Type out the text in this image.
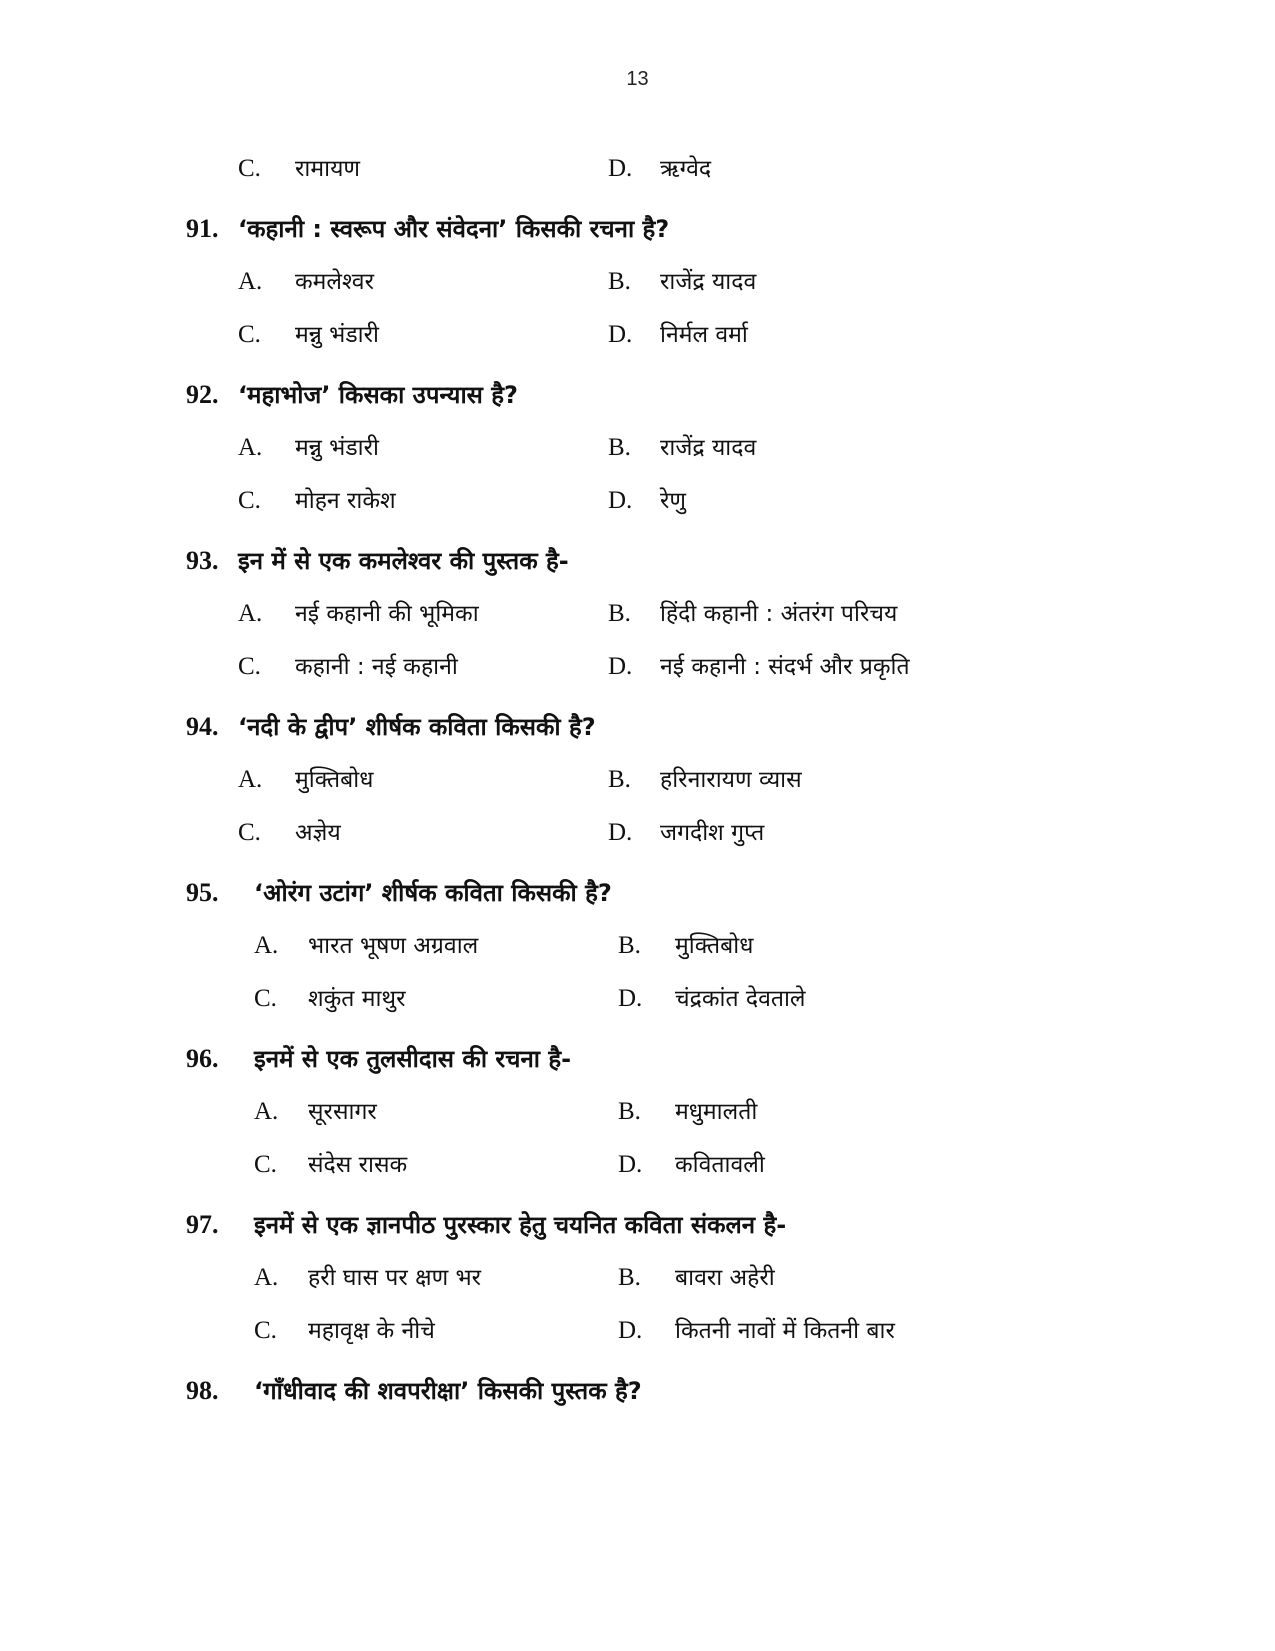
13
C. रामायण	D. ऋग्वेद
91. ‘कहानी : स्वरूप और संवेदना’ किसकी रचना है?
A. कमलेश्वर	B. राजेंद्र यादव
C. मन्नु भंडारी	D. निर्मल वर्मा
92. ‘महाभोज’ किसका उपन्यास है?
A. मन्नु भंडारी	B. राजेंद्र यादव
C. मोहन राकेश	D. रेणु
93. इन में से एक कमलेश्वर की पुस्तक है-
A. नई कहानी की भूमिका	B. हिंदी कहानी : अंतरंग परिचय
C. कहानी : नई कहानी	D. नई कहानी : संदर्भ और प्रकृति
94. ‘नदी के द्वीप’ शीर्षक कविता किसकी है?
A. मुक्तिबोध	B. हरिनारायण व्यास
C. अज्ञेय	D. जगदीश गुप्त
95. ‘ओरंग उटांग’ शीर्षक कविता किसकी है?
A. भारत भूषण अग्रवाल	B. मुक्तिबोध
C. शकुंत माथुर	D. चंद्रकांत देवताले
96. इनमें से एक तुलसीदास की रचना है-
A. सूरसागर	B. मधुमालती
C. संदेस रासक	D. कवितावली
97. इनमें से एक ज्ञानपीठ पुरस्कार हेतु चयनित कविता संकलन है-
A. हरी घास पर क्षण भर	B. बावरा अहेरी
C. महावृक्ष के नीचे	D. कितनी नावों में कितनी बार
98. ‘गाँधीवाद की शवपरीक्षा’ किसकी पुस्तक है?
